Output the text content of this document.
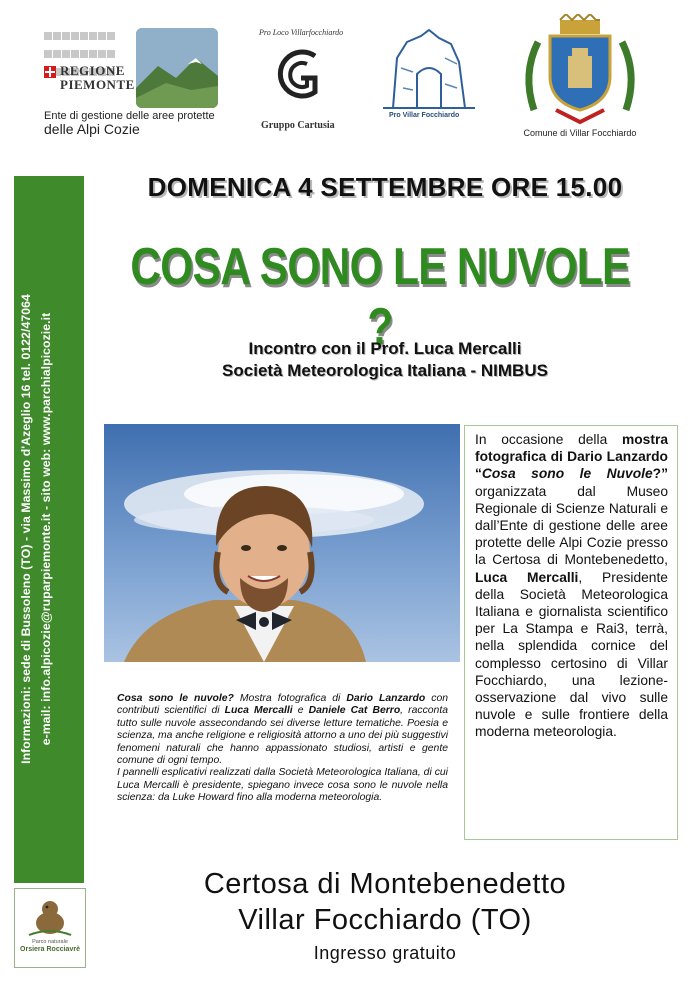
REGIONE
PIEMONTE
Ente di gestione delle aree protette
delle Alpi Cozie
Pro Loco Villarfocchiardo
Gruppo Cartusia
Pro Villar Focchiardo
Comune di Villar Focchiardo
Informazioni: sede di Bussoleno (TO) - via Massimo d'Azeglio 16 tel. 0122/47064 e-mail: info.alpicozie@ruparpiemonte.it - sito web: www.parchialpicozie.it
Parco naturale
Orsiera Rocciavrè
DOMENICA 4 SETTEMBRE ORE 15.00
COSA SONO LE NUVOLE ?
Incontro con il Prof. Luca Mercalli
Società Meteorologica Italiana - NIMBUS
In occasione della mostra fotografica di Dario Lanzardo “Cosa sono le Nuvole?” organizzata dal Museo Regionale di Scienze Naturali e dall’Ente di gestione delle aree protette delle Alpi Cozie presso la Certosa di Montebenedetto, Luca Mercalli, Presidente della Società Meteorologica Italiana e giornalista scientifico per La Stampa e Rai3, terrà, nella splendida cornice del complesso certosino di Villar Focchiardo, una lezione-osservazione dal vivo sulle nuvole e sulle frontiere della moderna meteorologia.
Cosa sono le nuvole? Mostra fotografica di Dario Lanzardo con contributi scientifici di Luca Mercalli e Daniele Cat Berro, racconta tutto sulle nuvole assecondando sei diverse letture tematiche. Poesia e scienza, ma anche religione e religiosità attorno a uno dei più suggestivi fenomeni naturali che hanno appassionato studiosi, artisti e gente comune di ogni tempo.
I pannelli esplicativi realizzati dalla Società Meteorologica Italiana, di cui Luca Mercalli è presidente, spiegano invece cosa sono le nuvole nella scienza: da Luke Howard fino alla moderna meteorologia.
Certosa di Montebenedetto
Villar Focchiardo (TO)
Ingresso gratuito
